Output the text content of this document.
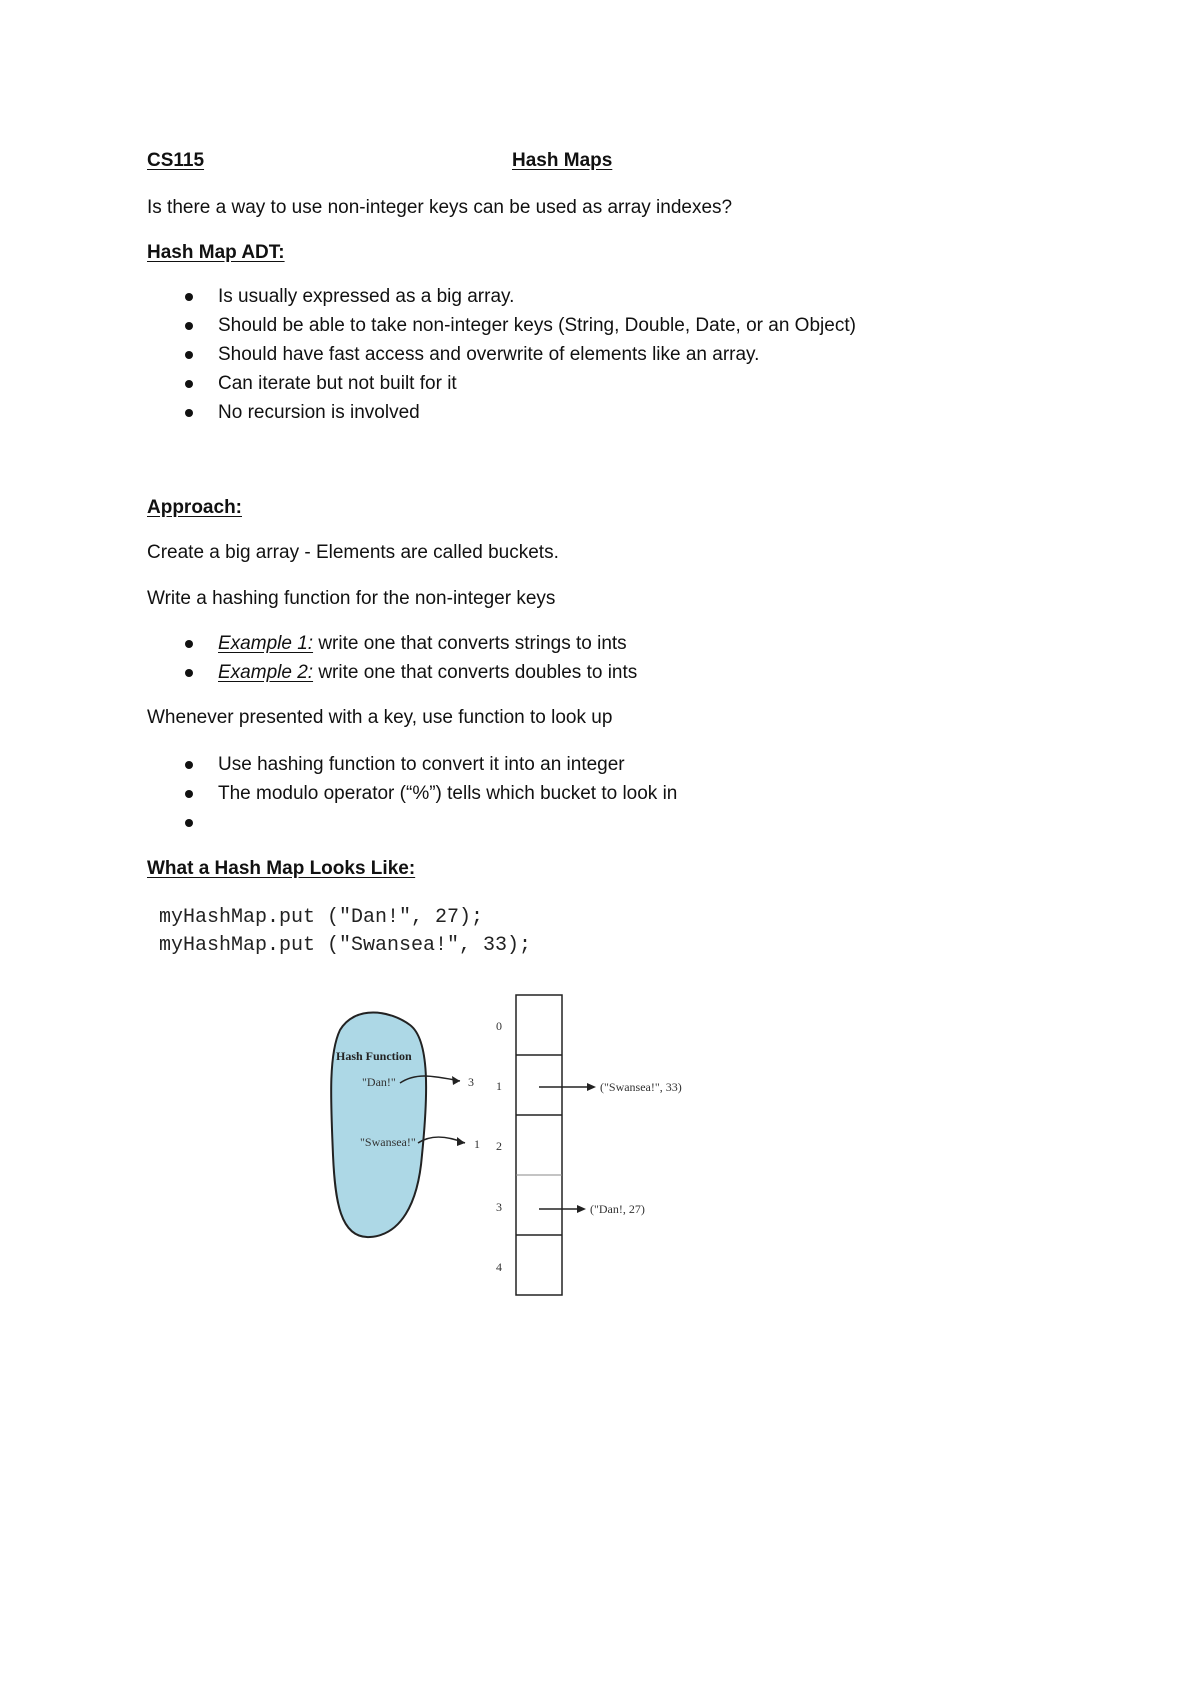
CS115	Hash Maps
Is there a way to use non-integer keys can be used as array indexes?
Hash Map ADT:
Is usually expressed as a big array.
Should be able to take non-integer keys (String, Double, Date, or an Object)
Should have fast access and overwrite of elements like an array.
Can iterate but not built for it
No recursion is involved
Approach:
Create a big array - Elements are called buckets.
Write a hashing function for the non-integer keys
Example 1: write one that converts strings to ints
Example 2: write one that converts doubles to ints
Whenever presented with a key, use function to look up
Use hashing function to convert it into an integer
The modulo operator (“%”) tells which bucket to look in
What a Hash Map Looks Like:
myHashMap.put ("Dan!", 27);
myHashMap.put ("Swansea!", 33);
Hash Function
"Dan!"
"Swansea!"
3
1
0
1
2
3
4
("Swansea!", 33)
("Dan!, 27)
